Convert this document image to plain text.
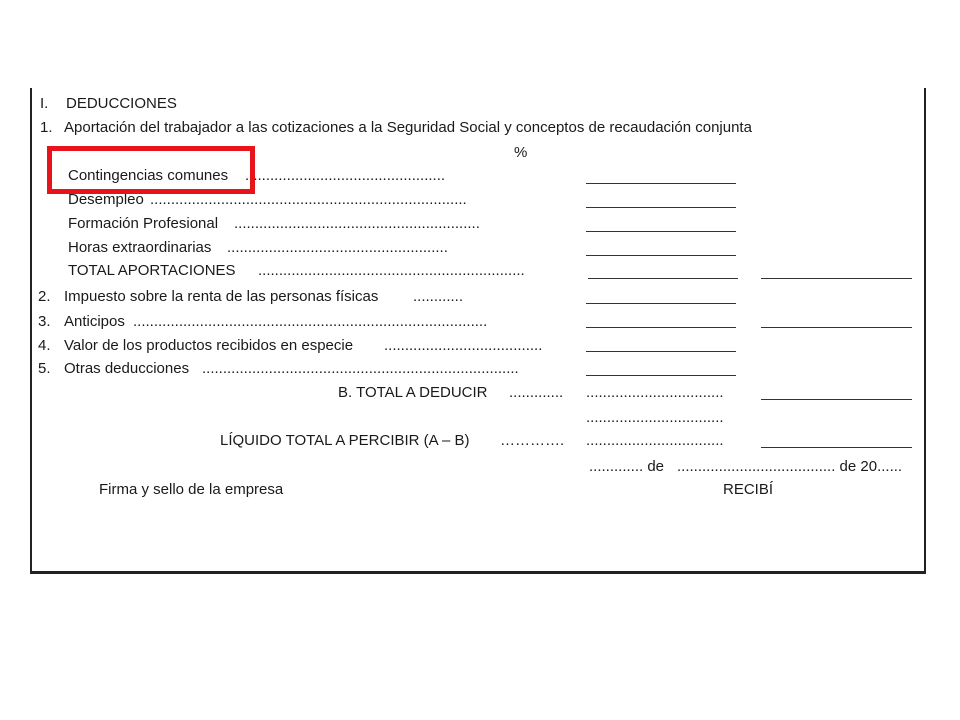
I. DEDUCCIONES
1. Aportación del trabajador a las cotizaciones a la Seguridad Social y conceptos de recaudación conjunta
%
Contingencias comunes ................................................
Desempleo ............................................................................
Formación Profesional ...........................................................
Horas extraordinarias .....................................................
TOTAL APORTACIONES ................................................................
2. Impuesto sobre la renta de las personas físicas ............
3. Anticipos .....................................................................................
4. Valor de los productos recibidos en especie ......................................
5. Otras deducciones ............................................................................
B. TOTAL A DEDUCIR .............	.................................
.................................
LÍQUIDO TOTAL A PERCIBIR (A – B) ………….	.................................
............. de ...................................... de 20......
Firma y sello de la empresa	RECIBÍ
